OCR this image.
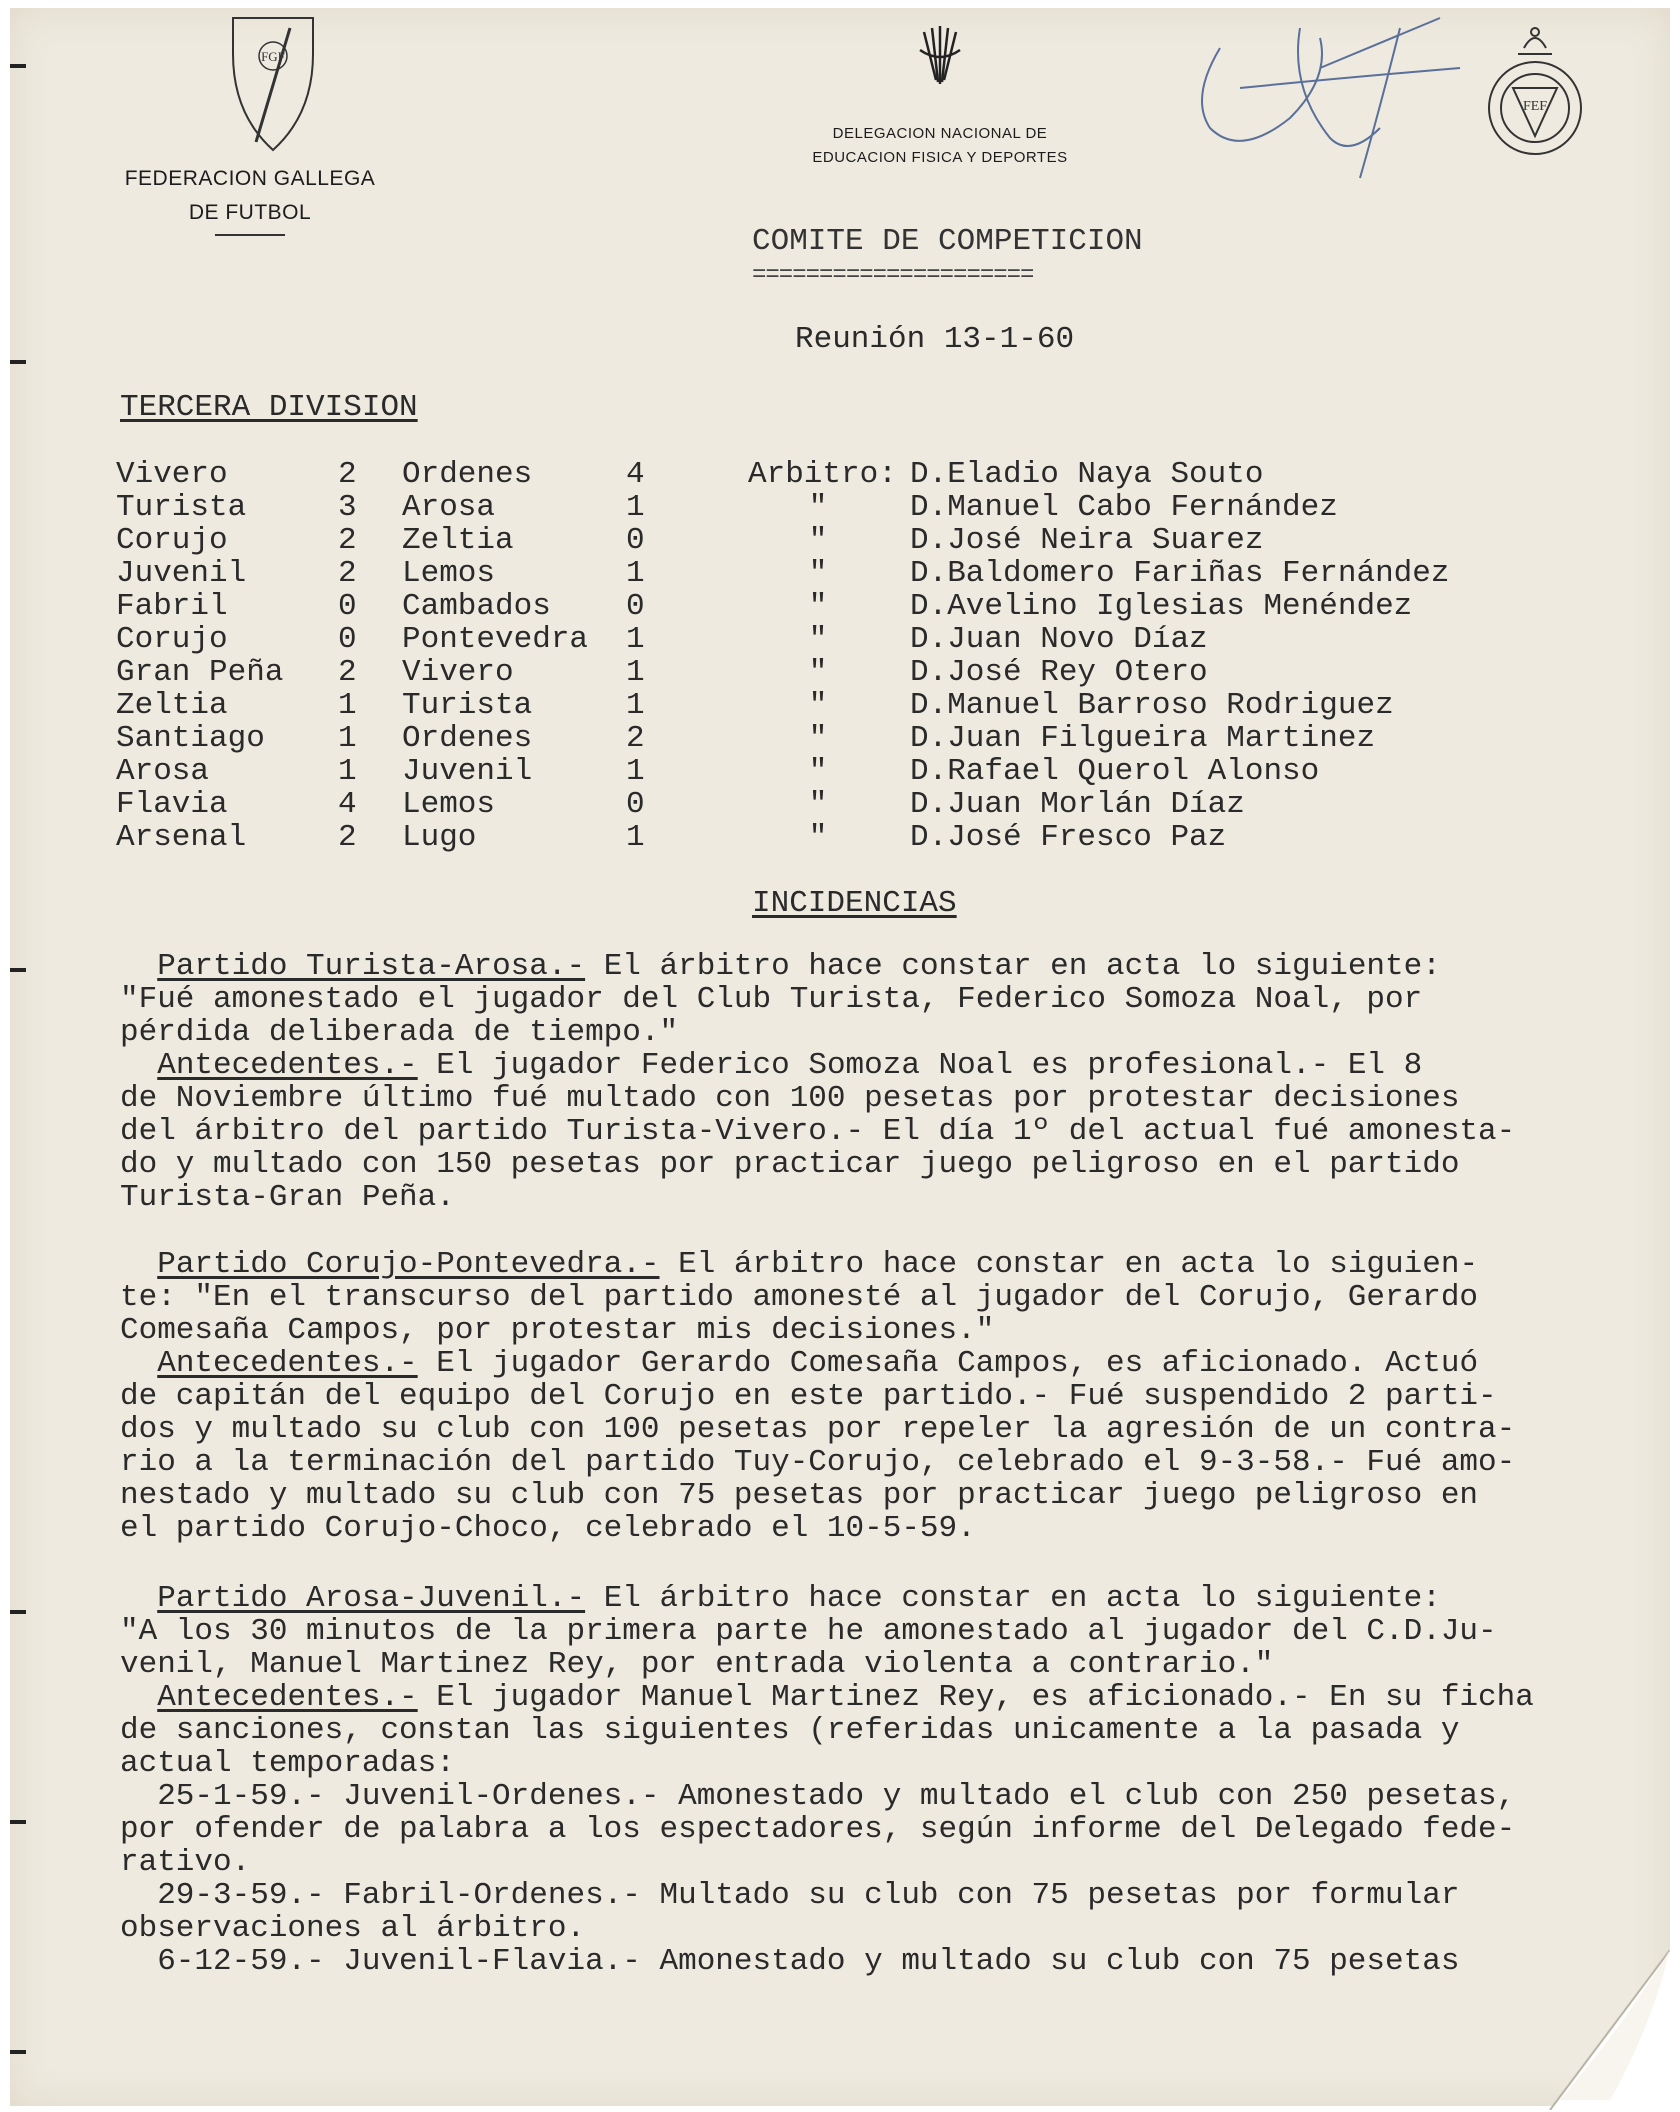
FGF
FEDERACION GALLEGA
DE FUTBOL
DELEGACION NACIONAL DE
EDUCACION FISICA Y DEPORTES
FEF
COMITE DE COMPETICION
=====================
Reunión 13-1-60
TERCERA DIVISION
Vivero	2	Ordenes	4	Arbitro:	D.Eladio Naya Souto
Turista	3	Arosa	1	"	D.Manuel Cabo Fernández
Corujo	2	Zeltia	0	"	D.José Neira Suarez
Juvenil	2	Lemos	1	"	D.Baldomero Fariñas Fernández
Fabril	0	Cambados	0	"	D.Avelino Iglesias Menéndez
Corujo	0	Pontevedra	1	"	D.Juan Novo Díaz
Gran Peña	2	Vivero	1	"	D.José Rey Otero
Zeltia	1	Turista	1	"	D.Manuel Barroso Rodriguez
Santiago	1	Ordenes	2	"	D.Juan Filgueira Martinez
Arosa	1	Juvenil	1	"	D.Rafael Querol Alonso
Flavia	4	Lemos	0	"	D.Juan Morlán Díaz
Arsenal	2	Lugo	1	"	D.José Fresco Paz
INCIDENCIAS
Partido Turista-Arosa.- El árbitro hace constar en acta lo siguiente:
"Fué amonestado el jugador del Club Turista, Federico Somoza Noal, por
pérdida deliberada de tiempo."
Antecedentes.- El jugador Federico Somoza Noal es profesional.- El 8
de Noviembre último fué multado con 100 pesetas por protestar decisiones
del árbitro del partido Turista-Vivero.- El día 1º del actual fué amonesta-
do y multado con 150 pesetas por practicar juego peligroso en el partido
Turista-Gran Peña.
Partido Corujo-Pontevedra.- El árbitro hace constar en acta lo siguien-
te: "En el transcurso del partido amonesté al jugador del Corujo, Gerardo
Comesaña Campos, por protestar mis decisiones."
Antecedentes.- El jugador Gerardo Comesaña Campos, es aficionado. Actuó
de capitán del equipo del Corujo en este partido.- Fué suspendido 2 parti-
dos y multado su club con 100 pesetas por repeler la agresión de un contra-
rio a la terminación del partido Tuy-Corujo, celebrado el 9-3-58.- Fué amo-
nestado y multado su club con 75 pesetas por practicar juego peligroso en
el partido Corujo-Choco, celebrado el 10-5-59.
Partido Arosa-Juvenil.- El árbitro hace constar en acta lo siguiente:
"A los 30 minutos de la primera parte he amonestado al jugador del C.D.Ju-
venil, Manuel Martinez Rey, por entrada violenta a contrario."
Antecedentes.- El jugador Manuel Martinez Rey, es aficionado.- En su ficha
de sanciones, constan las siguientes (referidas unicamente a la pasada y
actual temporadas:
25-1-59.- Juvenil-Ordenes.- Amonestado y multado el club con 250 pesetas,
por ofender de palabra a los espectadores, según informe del Delegado fede-
rativo.
29-3-59.- Fabril-Ordenes.- Multado su club con 75 pesetas por formular
observaciones al árbitro.
6-12-59.- Juvenil-Flavia.- Amonestado y multado su club con 75 pesetas
